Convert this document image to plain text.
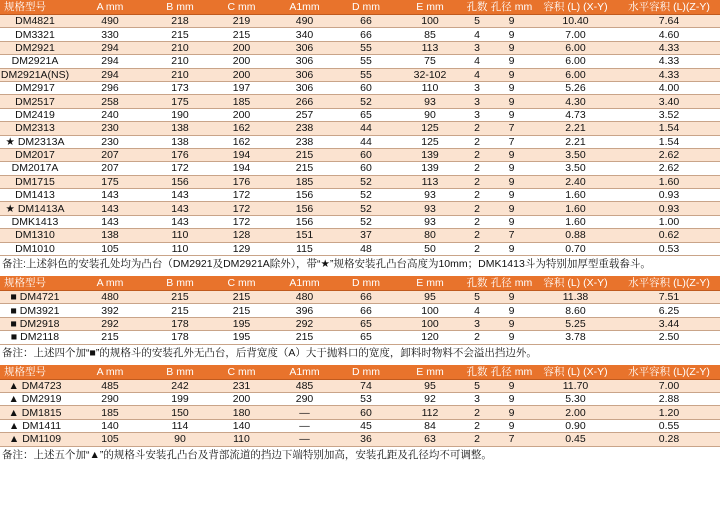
规格型号	A mm	B mm	C mm	A1mm	D mm	E mm	孔数	孔径 mm	容积 (L) (X-Y)	水平容积 (L)(Z-Y)
DM4821	490	218	219	490	66	100	5	9	10.40	7.64
DM3321	330	215	215	340	66	85	4	9	7.00	4.60
DM2921	294	210	200	306	55	113	3	9	6.00	4.33
DM2921A	294	210	200	306	55	75	4	9	6.00	4.33
DM2921A(NS)	294	210	200	306	55	32-102	4	9	6.00	4.33
DM2917	296	173	197	306	60	110	3	9	5.26	4.00
DM2517	258	175	185	266	52	93	3	9	4.30	3.40
DM2419	240	190	200	257	65	90	3	9	4.73	3.52
DM2313	230	138	162	238	44	125	2	7	2.21	1.54
★ DM2313A	230	138	162	238	44	125	2	7	2.21	1.54
DM2017	207	176	194	215	60	139	2	9	3.50	2.62
DM2017A	207	172	194	215	60	139	2	9	3.50	2.62
DM1715	175	156	176	185	52	113	2	9	2.40	1.60
DM1413	143	143	172	156	52	93	2	9	1.60	0.93
★ DM1413A	143	143	172	156	52	93	2	9	1.60	0.93
DMK1413	143	143	172	156	52	93	2	9	1.60	1.00
DM1310	138	110	128	151	37	80	2	7	0.88	0.62
DM1010	105	110	129	115	48	50	2	9	0.70	0.53
备注:上述斜色的安装孔处均为凸台（DM2921及DM2921A除外），带“★”规格安装孔凸台高度为10mm；DMK1413斗为特别加厚型重载畚斗。
规格型号	A mm	B mm	C mm	A1mm	D mm	E mm	孔数	孔径 mm	容积 (L) (X-Y)	水平容积 (L)(Z-Y)
■ DM4721	480	215	215	480	66	95	5	9	11.38	7.51
■ DM3921	392	215	215	396	66	100	4	9	8.60	6.25
■ DM2918	292	178	195	292	65	100	3	9	5.25	3.44
■ DM2118	215	178	195	215	65	120	2	9	3.78	2.50
备注：上述四个加“■”的规格斗的安装孔外无凸台，后背宽度（A）大于抛料口的宽度，卸料时物料不会溢出挡边外。
规格型号	A mm	B mm	C mm	A1mm	D mm	E mm	孔数	孔径 mm	容积 (L) (X-Y)	水平容积 (L)(Z-Y)
▲ DM4723	485	242	231	485	74	95	5	9	11.70	7.00
▲ DM2919	290	199	200	290	53	92	3	9	5.30	2.88
▲ DM1815	185	150	180	—	60	112	2	9	2.00	1.20
▲ DM1411	140	114	140	—	45	84	2	9	0.90	0.55
▲ DM1109	105	90	110	—	36	63	2	7	0.45	0.28
备注：上述五个加“▲”的规格斗安装孔凸台及背部流道的挡边下端特别加高，安装孔距及孔径均不可调整。
